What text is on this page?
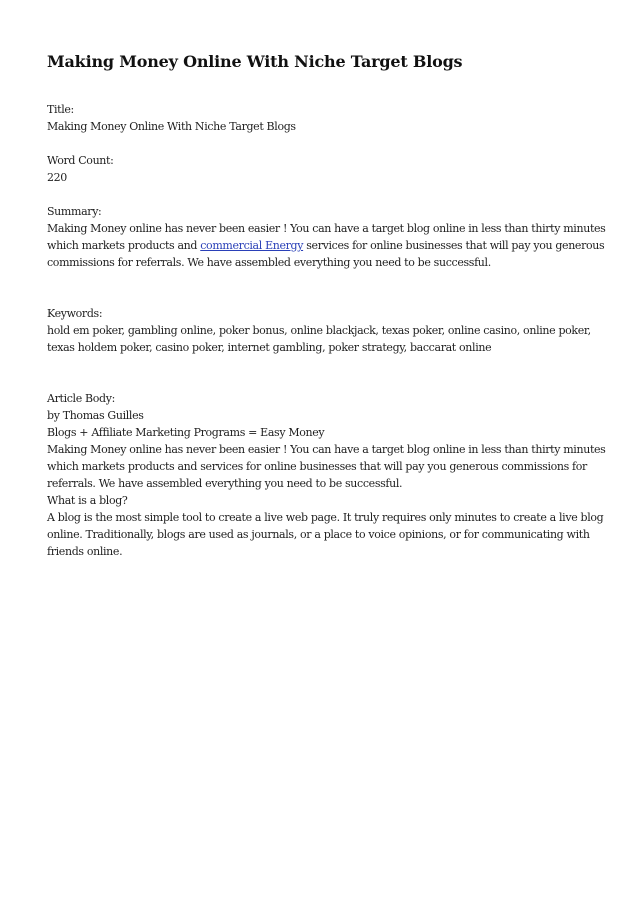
Making Money Online With Niche Target Blogs

Title:

Making Money Online With Niche Target Blogs

Word Count:

220

Summary:

Making Money online has never been easier ! You can have a target blog online in less than thirty minutes which markets products and commercial Energy services for online businesses that will pay you generous commissions for referrals. We have assembled everything you need to be successful.

Keywords:

hold em poker, gambling online, poker bonus, online blackjack, texas poker, online casino, online poker, texas holdem poker, casino poker, internet gambling, poker strategy, baccarat online

Article Body:

by Thomas Guilles

Blogs + Affiliate Marketing Programs = Easy Money

Making Money online has never been easier ! You can have a target blog online in less than thirty minutes which markets products and services for online businesses that will pay you generous commissions for referrals. We have assembled everything you need to be successful.

What is a blog?

A blog is the most simple tool to create a live web page. It truly requires only minutes to create a live blog online. Traditionally, blogs are used as journals, or a place to voice opinions, or for communicating with friends online.
